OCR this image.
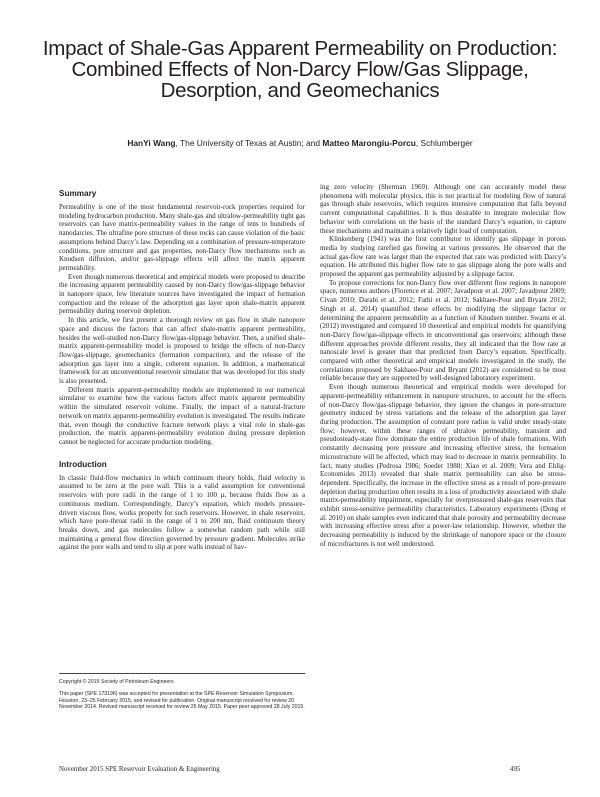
Impact of Shale-Gas Apparent Permeability on Production: Combined Effects of Non-Darcy Flow/Gas Slippage, Desorption, and Geomechanics
HanYi Wang, The University of Texas at Austin; and Matteo Marongiu-Porcu, Schlumberger
Summary

Permeability is one of the most fundamental reservoir-rock properties required for modeling hydrocarbon production. Many shale-gas and ultralow-permeability tight gas reservoirs can have matrix-permeability values in the range of tens to hundreds of nanodarcies. The ultrafine pore structure of these rocks can cause violation of the basic assumptions behind Darcy’s law. Depending on a combination of pressure-temperature conditions, pore structure and gas properties, non-Darcy flow mechanisms such as Knudsen diffusion, and/or gas-slippage effects will affect the matrix apparent permeability.

Even though numerous theoretical and empirical models were proposed to describe the increasing apparent permeability caused by non-Darcy flow/gas-slippage behavior in nanopore space, few literature sources have investigated the impact of formation compaction and the release of the adsorption gas layer upon shale-matrix apparent permeability during reservoir depletion.

In this article, we first present a thorough review on gas flow in shale nanopore space and discuss the factors that can affect shale-matrix apparent permeability, besides the well-studied non-Darcy flow/gas-slippage behavior. Then, a unified shale-matrix apparent-permeability model is proposed to bridge the effects of non-Darcy flow/gas-slippage, geomechanics (formation compaction), and the release of the adsorption gas layer into a single, coherent equation. In addition, a mathematical framework for an unconventional reservoir simulator that was developed for this study is also presented.

Different matrix apparent-permeability models are implemented in our numerical simulator to examine how the various factors affect matrix apparent permeability within the simulated reservoir volume. Finally, the impact of a natural-fracture network on matrix apparent-permeability evolution is investigated. The results indicate that, even though the conductive fracture network plays a vital role in shale-gas production, the matrix apparent-permeability evolution during pressure depletion cannot be neglected for accurate production modeling.

Introduction

In classic fluid-flow mechanics in which continuum theory holds, fluid velocity is assumed to be zero at the pore wall. This is a valid assumption for conventional reservoirs with pore radii in the range of 1 to 100 μ, because fluids flow as a continuous medium. Correspondingly, Darcy’s equation, which models pressure-driven viscous flow, works properly for such reservoirs. However, in shale reservoirs, which have pore-throat radii in the range of 1 to 200 nm, fluid continuum theory breaks down, and gas molecules follow a somewhat random path while still maintaining a general flow direction governed by pressure gradient. Molecules strike against the pore walls and tend to slip at pore walls instead of hav-

Copyright © 2015 Society of Petroleum Engineers
This paper (SPE 173196) was accepted for presentation at the SPE Reservoir Simulation Symposium, Houston, 23–25 February 2015, and revised for publication. Original manuscript received for review 20 November 2014. Revised manuscript received for review 25 May 2015. Paper peer approved 28 July 2015.

ing zero velocity (Sherman 1969). Although one can accurately model these phenomena with molecular physics, this is not practical for modeling flow of natural gas through shale reservoirs, which requires intensive computation that falls beyond current computational capabilities. It is thus desirable to integrate molecular flow behavior with correlations on the basis of the standard Darcy’s equation, to capture these mechanisms and maintain a relatively light load of computation.

Klinkenberg (1941) was the first contributor to identify gas slippage in porous media by studying rarefied gas flowing at various pressures. He observed that the actual gas-flow rate was larger than the expected that rate was predicted with Darcy’s equation. He attributed this higher flow rate to gas slippage along the pore walls and proposed the apparent gas permeability adjusted by a slippage factor.

To propose corrections for non-Darcy flow over different flow regions in nanopore space, numerous authors (Florence et al. 2007; Javadpour et al. 2007; Javadpour 2009; Civan 2010; Darabi et al. 2012; Fathi et al. 2012; Sakhaee-Pour and Bryant 2012; Singh et al. 2014) quantified these effects by modifying the slippage factor or determining the apparent permeability as a function of Knudsen number. Swami et al. (2012) investigated and compared 10 theoretical and empirical models for quantifying non-Darcy flow/gas-slippage effects in unconventional gas reservoirs; although these different approaches provide different results, they all indicated that the flow rate at nanoscale level is greater than that predicted from Darcy’s equation. Specifically, compared with other theoretical and empirical models investigated in the study, the correlations proposed by Sakhaee-Pour and Bryant (2012) are considered to be most reliable because they are supported by well-designed laboratory experiment.

Even though numerous theoretical and empirical models were developed for apparent-permeability enhancement in nanopore structures, to account for the effects of non-Darcy flow/gas-slippage behavior, they ignore the changes in pore-structure geometry induced by stress variations and the release of the adsorption gas layer during production. The assumption of constant pore radius is valid under steady-state flow; however, within these ranges of ultralow permeability, transient and pseudosteady-state flow dominate the entire production life of shale formations. With constantly decreasing pore pressure and increasing effective stress, the formation microstructure will be affected, which may lead to decrease in matrix permeability. In fact, many studies (Pedrosa 1986; Soeder 1988; Xiao et al. 2009; Vera and Ehlig-Economides 2013) revealed that shale matrix permeability can also be stress-dependent. Specifically, the increase in the effective stress as a result of pore-pressure depletion during production often results in a loss of productivity associated with shale matrix-permeability impairment, especially for overpressured shale-gas reservoirs that exhibit stress-sensitive permeability characteristics. Laboratory experiments (Dong et al. 2010) on shale samples even indicated that shale porosity and permeability decrease with increasing effective stress after a power-law relationship. However, whether the decreasing permeability is induced by the shrinkage of nanopore space or the closure of microfractures is not well understood.

November 2015 SPE Reservoir Evaluation & Engineering	495
